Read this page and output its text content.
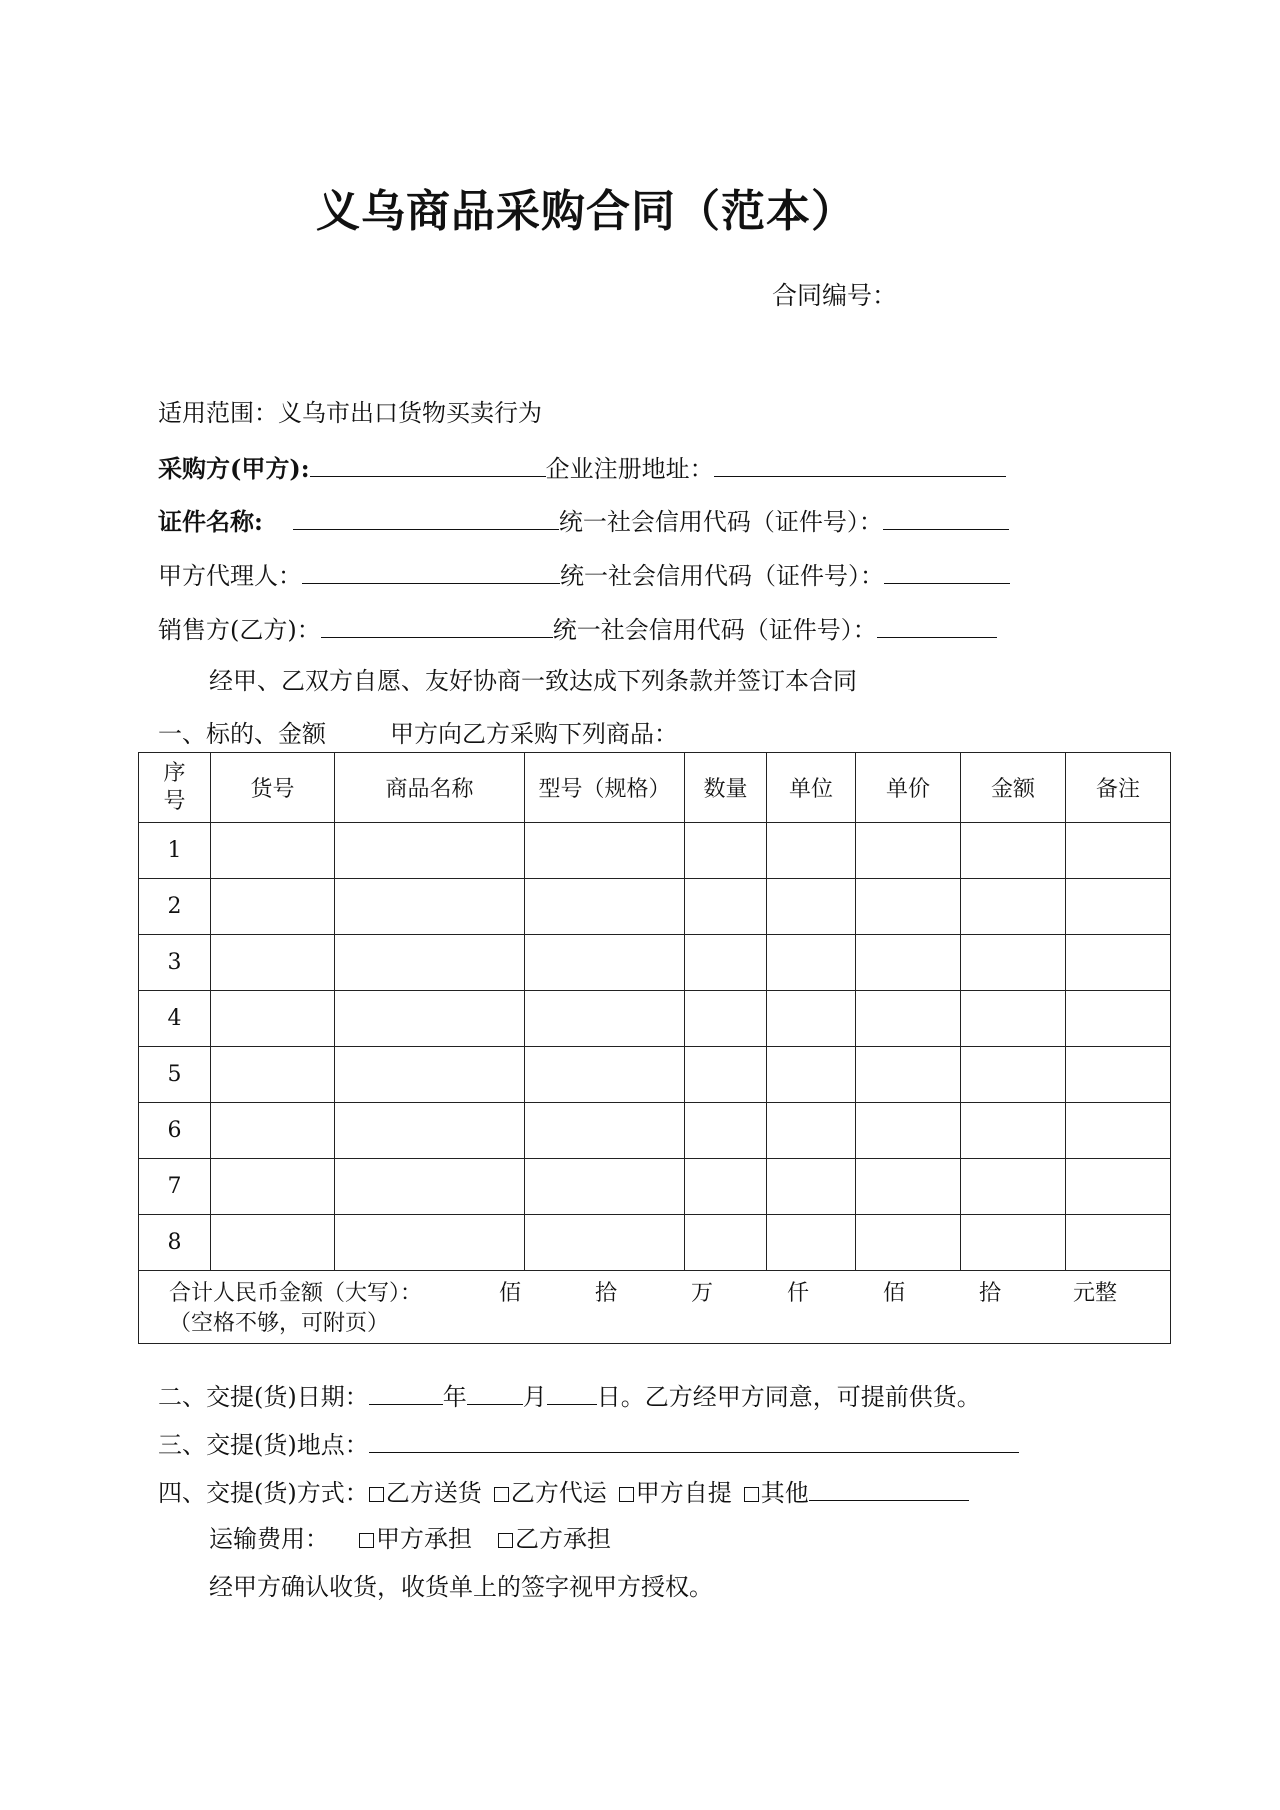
义乌商品采购合同（范本）
合同编号：
适用范围：义乌市出口货物买卖行为
采购方(甲方):	企业注册地址：
证件名称:	统一社会信用代码（证件号）：
甲方代理人：	统一社会信用代码（证件号）：
销售方(乙方)：	统一社会信用代码（证件号）：
经甲、乙双方自愿、友好协商一致达成下列条款并签订本合同
一、标的、金额	甲方向乙方采购下列商品：
序
号	货号	商品名称	型号（规格）	数量	单位	单价	金额	备注
1								
2								
3								
4								
5								
6								
7								
8								

合计人民币金额（大写）： 佰 拾 万 仟 佰 拾 元整
（空格不够，可附页）								
二、交提(货)日期：	年 月 日。乙方经甲方同意，可提前供货。
三、交提(货)地点：
四、交提(货)方式： 乙方送货 乙方代运 甲方自提 其他
运输费用： 甲方承担 乙方承担
经甲方确认收货，收货单上的签字视甲方授权。
